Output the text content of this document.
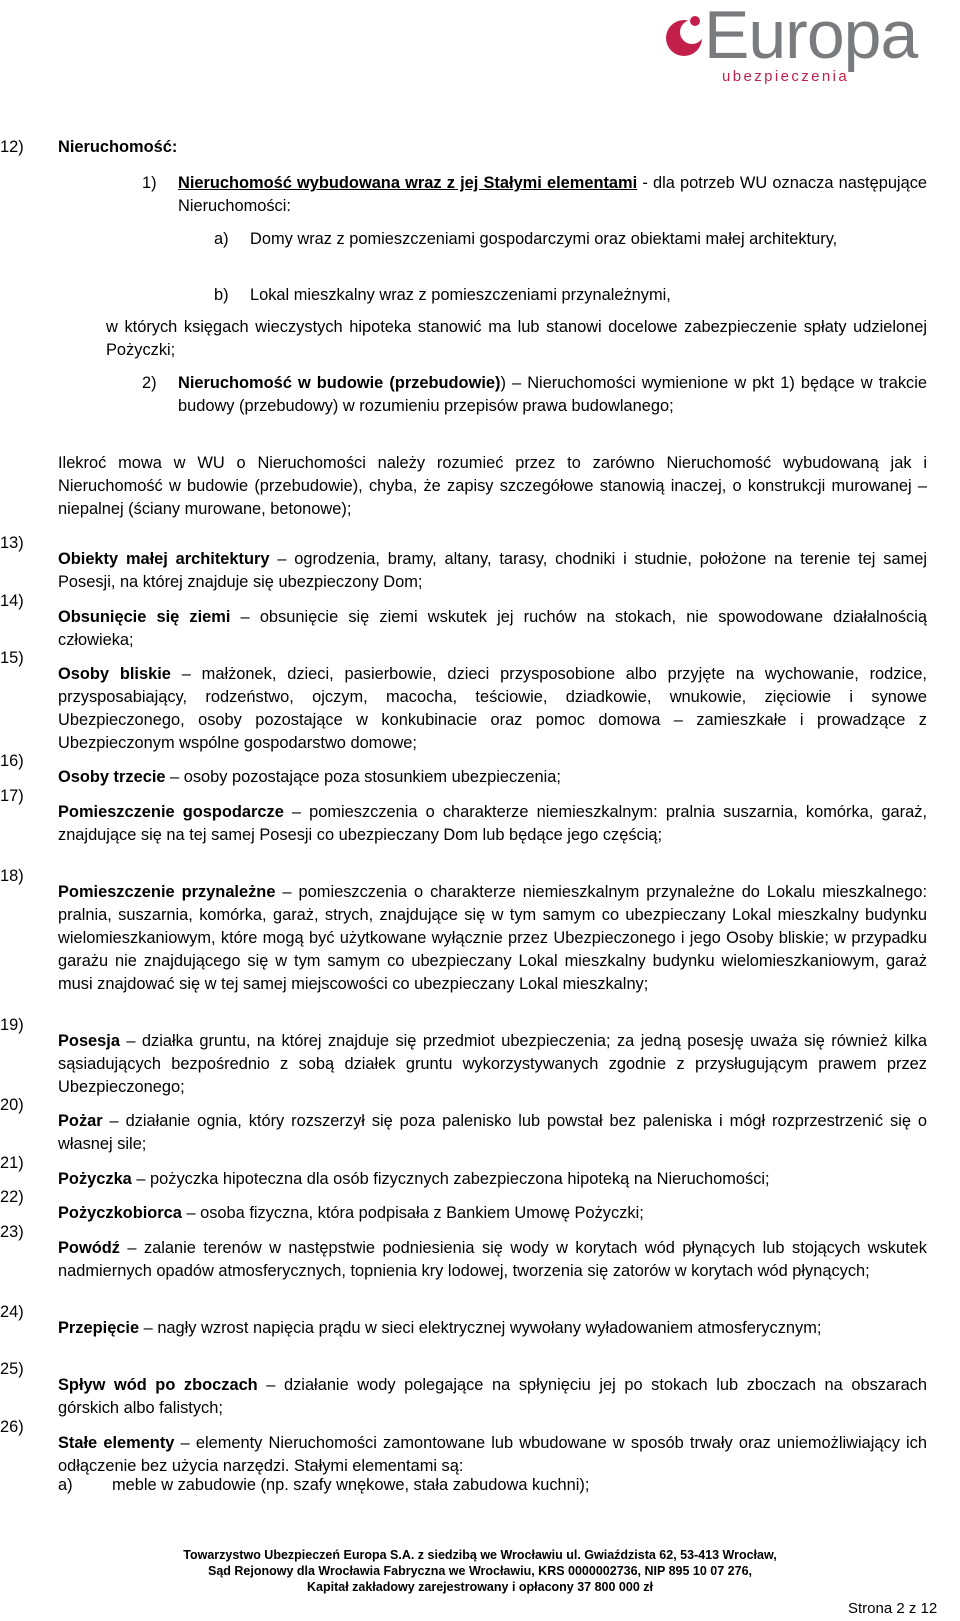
Europa
ubezpieczenia
12) Nieruchomość:
1) Nieruchomość wybudowana wraz z jej Stałymi elementami - dla potrzeb WU oznacza następujące Nieruchomości:

a) Domy wraz z pomieszczeniami gospodarczymi oraz obiektami małej architektury,

b) Lokal mieszkalny wraz z pomieszczeniami przynależnymi,

w których księgach wieczystych hipoteka stanowić ma lub stanowi docelowe zabezpieczenie spłaty udzielonej Pożyczki;

2) Nieruchomość w budowie (przebudowie)) – Nieruchomości wymienione w pkt 1) będące w trakcie budowy (przebudowy) w rozumieniu przepisów prawa budowlanego;

Ilekroć mowa w WU o Nieruchomości należy rozumieć przez to zarówno Nieruchomość wybudowaną jak i Nieruchomość w budowie (przebudowie), chyba, że zapisy szczegółowe stanowią inaczej, o konstrukcji murowanej – niepalnej (ściany murowane, betonowe);

13)

Obiekty małej architektury – ogrodzenia, bramy, altany, tarasy, chodniki i studnie, położone na terenie tej samej Posesji, na której znajduje się ubezpieczony Dom;

14)

Obsunięcie się ziemi – obsunięcie się ziemi wskutek jej ruchów na stokach, nie spowodowane działalnością człowieka;

15)

Osoby bliskie – małżonek, dzieci, pasierbowie, dzieci przysposobione albo przyjęte na wychowanie, rodzice, przysposabiający, rodzeństwo, ojczym, macocha, teściowie, dziadkowie, wnukowie, zięciowie i synowe Ubezpieczonego, osoby pozostające w konkubinacie oraz pomoc domowa – zamieszkałe i prowadzące z Ubezpieczonym wspólne gospodarstwo domowe;

16)

Osoby trzecie – osoby pozostające poza stosunkiem ubezpieczenia;

17)

Pomieszczenie gospodarcze – pomieszczenia o charakterze niemieszkalnym: pralnia suszarnia, komórka, garaż, znajdujące się na tej samej Posesji co ubezpieczany Dom lub będące jego częścią;

18)

Pomieszczenie przynależne – pomieszczenia o charakterze niemieszkalnym przynależne do Lokalu mieszkalnego: pralnia, suszarnia, komórka, garaż, strych, znajdujące się w tym samym co ubezpieczany Lokal mieszkalny budynku wielomieszkaniowym, które mogą być użytkowane wyłącznie przez Ubezpieczonego i jego Osoby bliskie; w przypadku garażu nie znajdującego się w tym samym co ubezpieczany Lokal mieszkalny budynku wielomieszkaniowym, garaż musi znajdować się w tej samej miejscowości co ubezpieczany Lokal mieszkalny;

19)

Posesja – działka gruntu, na której znajduje się przedmiot ubezpieczenia; za jedną posesję uważa się również kilka sąsiadujących bezpośrednio z sobą działek gruntu wykorzystywanych zgodnie z przysługującym prawem przez Ubezpieczonego;

20)

Pożar – działanie ognia, który rozszerzył się poza palenisko lub powstał bez paleniska i mógł rozprzestrzenić się o własnej sile;

21)

Pożyczka – pożyczka hipoteczna dla osób fizycznych zabezpieczona hipoteką na Nieruchomości;

22)

Pożyczkobiorca – osoba fizyczna, która podpisała z Bankiem Umowę Pożyczki;

23)

Powódź – zalanie terenów w następstwie podniesienia się wody w korytach wód płynących lub stojących wskutek nadmiernych opadów atmosferycznych, topnienia kry lodowej, tworzenia się zatorów w korytach wód płynących;

24)

Przepięcie – nagły wzrost napięcia prądu w sieci elektrycznej wywołany wyładowaniem atmosferycznym;

25)

Spływ wód po zboczach – działanie wody polegające na spłynięciu jej po stokach lub zboczach na obszarach górskich albo falistych;

26)

Stałe elementy – elementy Nieruchomości zamontowane lub wbudowane w sposób trwały oraz uniemożliwiający ich odłączenie bez użycia narzędzi. Stałymi elementami są:

a) meble w zabudowie (np. szafy wnękowe, stała zabudowa kuchni);

Towarzystwo Ubezpieczeń Europa S.A. z siedzibą we Wrocławiu ul. Gwiaździsta 62, 53-413 Wrocław,
Sąd Rejonowy dla Wrocławia Fabryczna we Wrocławiu, KRS 0000002736, NIP 895 10 07 276,
Kapitał zakładowy zarejestrowany i opłacony 37 800 000 zł
Strona 2 z 12
